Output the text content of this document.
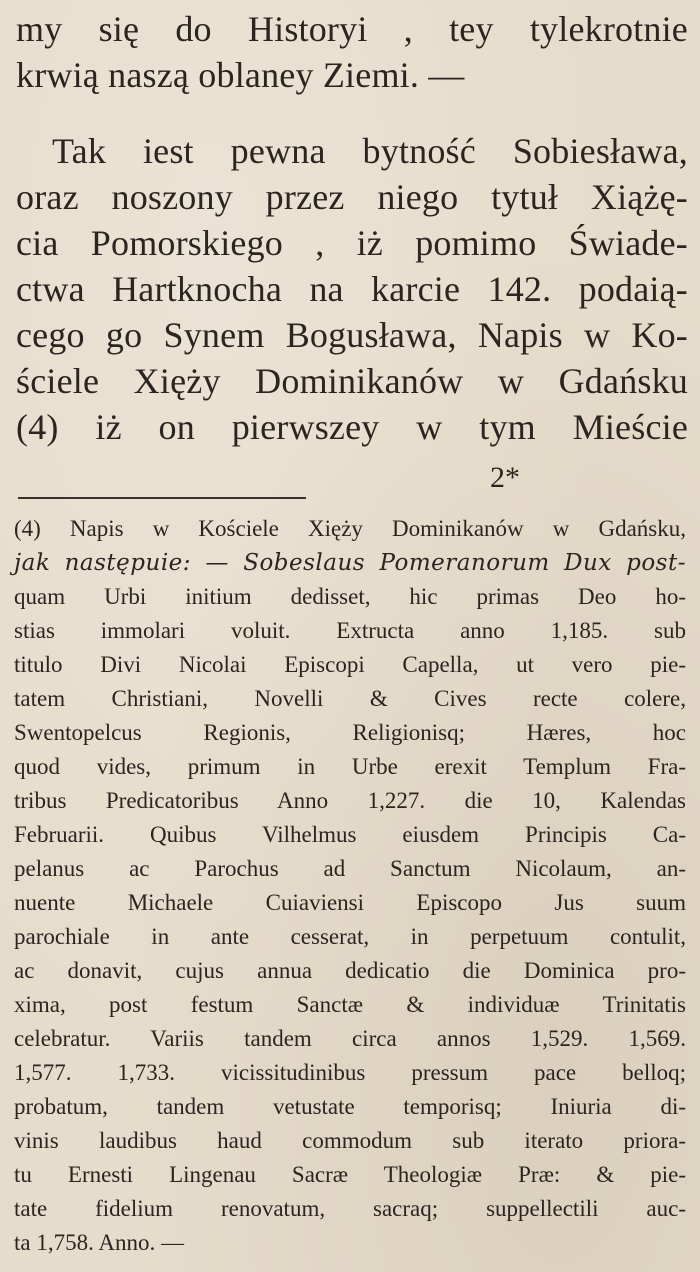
my się do Historyi , tey tylekrotnie
krwią naszą oblaney Ziemi. —
Tak iest pewna bytność Sobiesława,
oraz noszony przez niego tytuł Xiążę-
cia Pomorskiego , iż pomimo Świade-
ctwa Hartknocha na karcie 142. podaią-
cego go Synem Bogusława, Napis w Ko-
ściele Xięży Dominikanów w Gdańsku
(4) iż on pierwszey w tym Mieście
2*
(4) Napis w Kościele Xięży Dominikanów w Gdańsku,
jak następuie: — Sobeslaus Pomeranorum Dux post-
quam Urbi initium dedisset, hic primas Deo ho-
stias immolari voluit. Extructa anno 1,185. sub
titulo Divi Nicolai Episcopi Capella, ut vero pie-
tatem Christiani, Novelli & Cives recte colere,
Swentopelcus Regionis, Religionisq; Hæres, hoc
quod vides, primum in Urbe erexit Templum Fra-
tribus Predicatoribus Anno 1,227. die 10, Kalendas
Februarii. Quibus Vilhelmus eiusdem Principis Ca-
pelanus ac Parochus ad Sanctum Nicolaum, an-
nuente Michaele Cuiaviensi Episcopo Jus suum
parochiale in ante cesserat, in perpetuum contulit,
ac donavit, cujus annua dedicatio die Dominica pro-
xima, post festum Sanctæ & individuæ Trinitatis
celebratur. Variis tandem circa annos 1,529. 1,569.
1,577. 1,733. vicissitudinibus pressum pace belloq;
probatum, tandem vetustate temporisq; Iniuria di-
vinis laudibus haud commodum sub iterato priora-
tu Ernesti Lingenau Sacræ Theologiæ Præ: & pie-
tate fidelium renovatum, sacraq; suppellectili auc-
ta 1,758. Anno. —
